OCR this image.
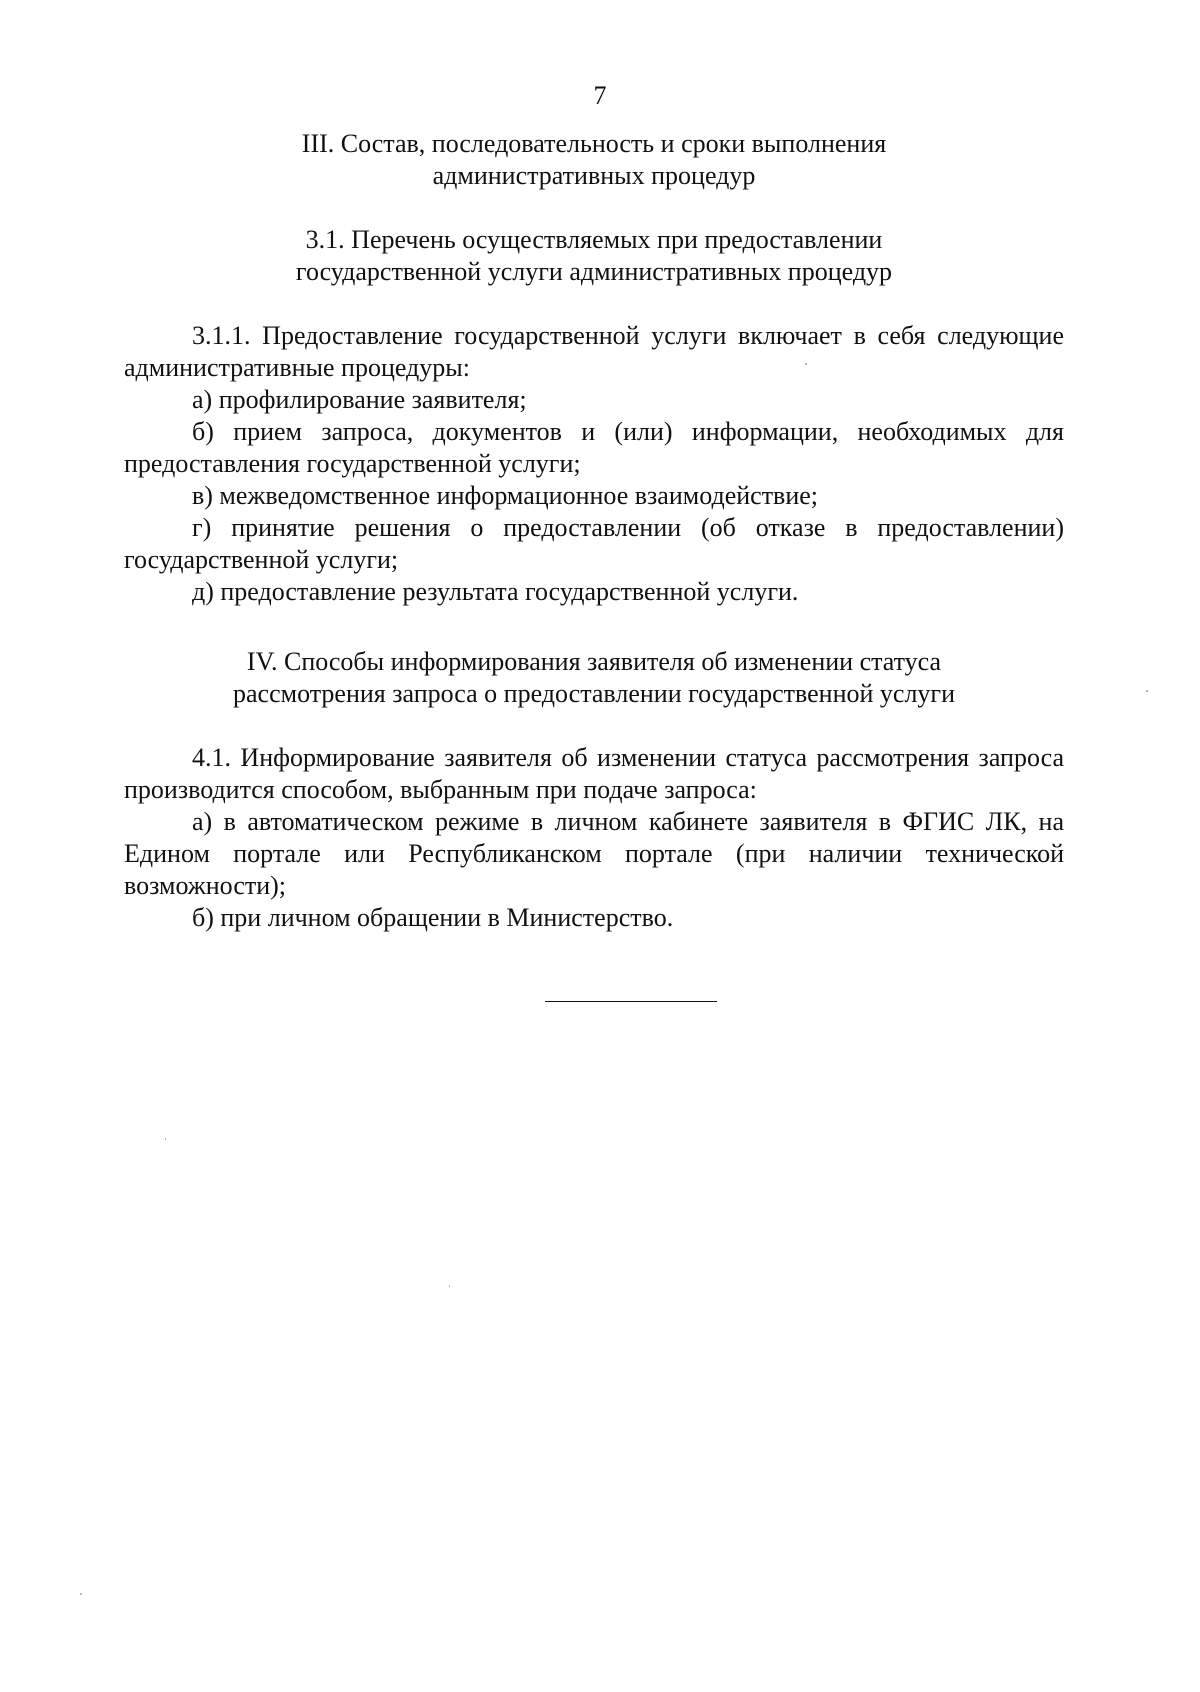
7
III. Состав, последовательность и сроки выполнения
административных процедур
3.1. Перечень осуществляемых при предоставлении
государственной услуги административных процедур

3.1.1. Предоставление государственной услуги включает в себя следующие административные процедуры:

а) профилирование заявителя;

б) прием запроса, документов и (или) информации, необходимых для предоставления государственной услуги;

в) межведомственное информационное взаимодействие;

г) принятие решения о предоставлении (об отказе в предоставлении) государственной услуги;

д) предоставление результата государственной услуги.

IV. Способы информирования заявителя об изменении статуса
рассмотрения запроса о предоставлении государственной услуги

4.1. Информирование заявителя об изменении статуса рассмотрения запроса производится способом, выбранным при подаче запроса:

а) в автоматическом режиме в личном кабинете заявителя в ФГИС ЛК, на Едином портале или Республиканском портале (при наличии технической возможности);

б) при личном обращении в Министерство.
